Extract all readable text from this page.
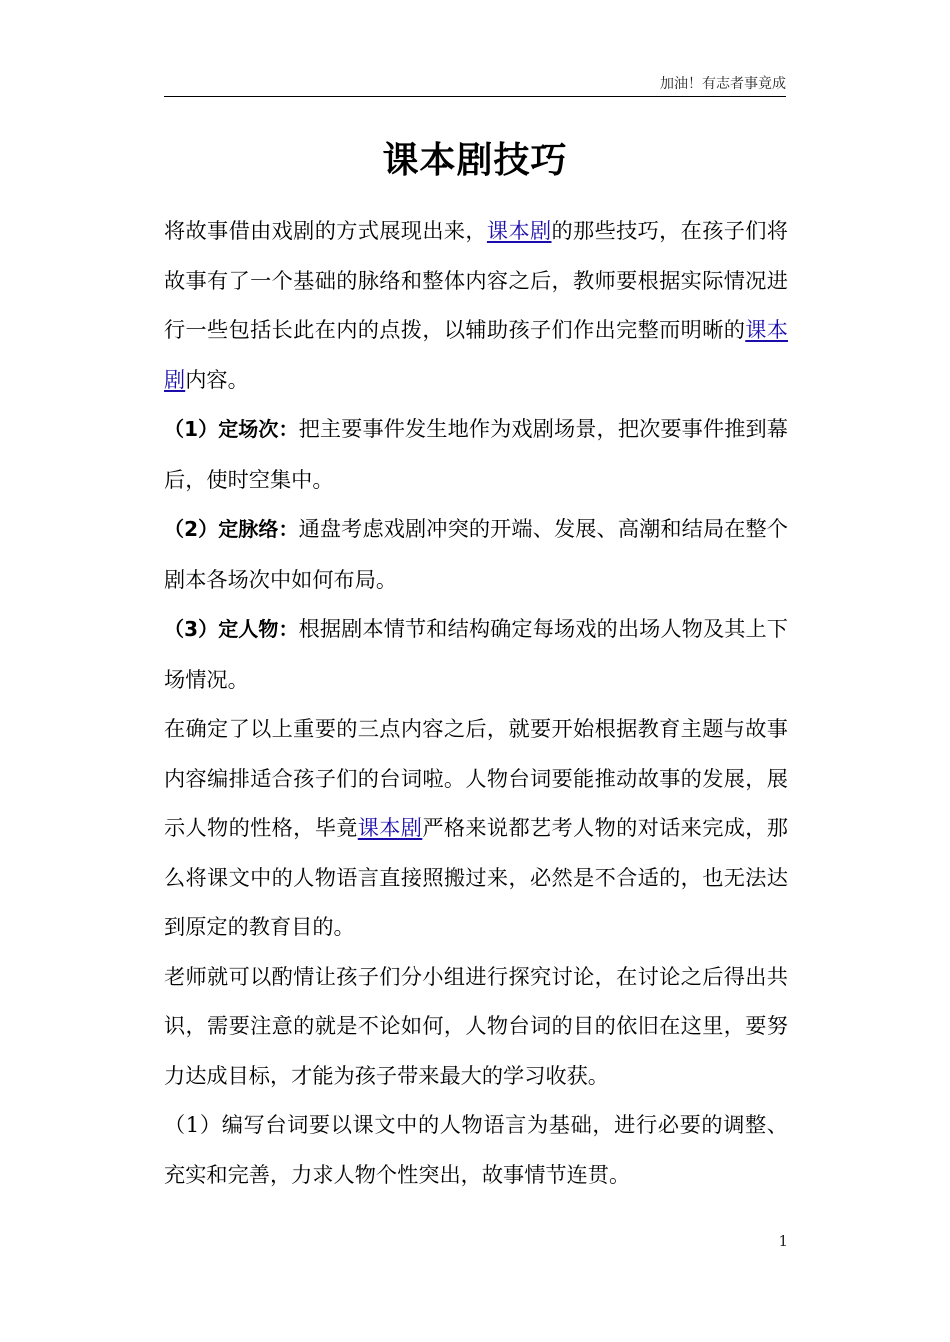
加油！有志者事竟成
课本剧技巧

将故事借由戏剧的方式展现出来，课本剧的那些技巧，在孩子们将故事有了一个基础的脉络和整体内容之后，教师要根据实际情况进行一些包括长此在内的点拨，以辅助孩子们作出完整而明晰的课本剧内容。

（1）定场次：把主要事件发生地作为戏剧场景，把次要事件推到幕后，使时空集中。

（2）定脉络：通盘考虑戏剧冲突的开端、发展、高潮和结局在整个剧本各场次中如何布局。

（3）定人物：根据剧本情节和结构确定每场戏的出场人物及其上下场情况。

在确定了以上重要的三点内容之后，就要开始根据教育主题与故事内容编排适合孩子们的台词啦。人物台词要能推动故事的发展，展示人物的性格，毕竟课本剧严格来说都艺考人物的对话来完成，那么将课文中的人物语言直接照搬过来，必然是不合适的，也无法达到原定的教育目的。

老师就可以酌情让孩子们分小组进行探究讨论，在讨论之后得出共识，需要注意的就是不论如何，人物台词的目的依旧在这里，要努力达成目标，才能为孩子带来最大的学习收获。

（1）编写台词要以课文中的人物语言为基础，进行必要的调整、充实和完善，力求人物个性突出，故事情节连贯。

1
